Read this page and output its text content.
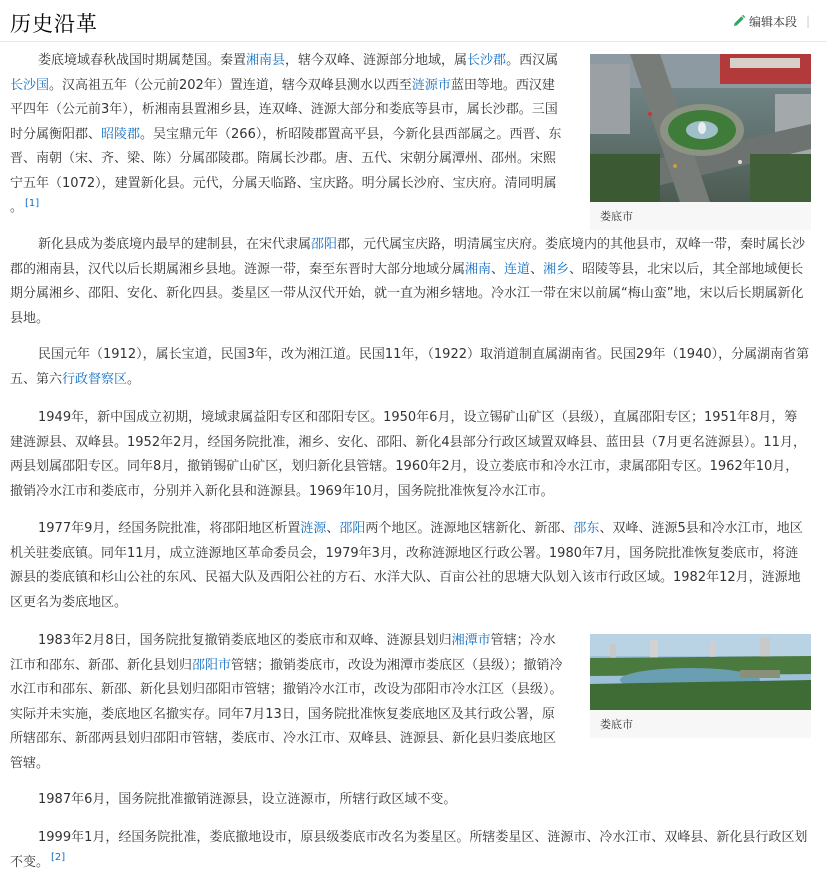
历史沿革	编辑本段 |

娄底境域春秋战国时期属楚国。秦置湘南县，辖今双峰、涟源部分地域，属长沙郡。西汉属长沙国。汉高祖五年（公元前202年）置连道，辖今双峰县测水以西至涟源市蓝田等地。西汉建平四年（公元前3年），析湘南县置湘乡县，连双峰、涟源大部分和娄底等县市，属长沙郡。三国时分属衡阳郡、昭陵郡。吴宝鼎元年（266），析昭陵郡置高平县，今新化县西部属之。西晋、东晋、南朝（宋、齐、梁、陈）分属邵陵郡。隋属长沙郡。唐、五代、宋朝分属潭州、邵州。宋熙宁五年（1072），建置新化县。元代，分属天临路、宝庆路。明分属长沙府、宝庆府。清同明属 。 [1]

娄底市

新化县成为娄底境内最早的建制县，在宋代隶属邵阳郡，元代属宝庆路，明清属宝庆府。娄底境内的其他县市，双峰一带，秦时属长沙郡的湘南县，汉代以后长期属湘乡县地。涟源一带，秦至东晋时大部分地域分属湘南、连道、湘乡、昭陵等县，北宋以后，其全部地域便长期分属湘乡、邵阳、安化、新化四县。娄星区一带从汉代开始，就一直为湘乡辖地。冷水江一带在宋以前属“梅山蛮”地，宋以后长期属新化县地。

民国元年（1912），属长宝道，民国3年，改为湘江道。民国11年，（1922）取消道制直属湖南省。民国29年（1940），分属湖南省第五、第六行政督察区。

1949年，新中国成立初期，境域隶属益阳专区和邵阳专区。1950年6月，设立锡矿山矿区（县级），直属邵阳专区；1951年8月，筹建涟源县、双峰县。1952年2月，经国务院批准，湘乡、安化、邵阳、新化4县部分行政区域置双峰县、蓝田县（7月更名涟源县）。11月，两县划属邵阳专区。同年8月，撤销锡矿山矿区，划归新化县管辖。1960年2月，设立娄底市和冷水江市，隶属邵阳专区。1962年10月，撤销冷水江市和娄底市，分别并入新化县和涟源县。1969年10月，国务院批准恢复冷水江市。

1977年9月，经国务院批准，将邵阳地区析置涟源、邵阳两个地区。涟源地区辖新化、新邵、邵东、双峰、涟源5县和冷水江市，地区机关驻娄底镇。同年11月，成立涟源地区革命委员会，1979年3月，改称涟源地区行政公署。1980年7月，国务院批准恢复娄底市，将涟源县的娄底镇和杉山公社的东风、民福大队及西阳公社的方石、水洋大队、百亩公社的思塘大队划入该市行政区域。1982年12月，涟源地区更名为娄底地区。

1983年2月8日，国务院批复撤销娄底地区的娄底市和双峰、涟源县划归湘潭市管辖；冷水江市和邵东、新邵、新化县划归邵阳市管辖；撤销娄底市，改设为湘潭市娄底区（县级）；撤销冷水江市和邵东、新邵、新化县划归邵阳市管辖；撤销冷水江市，改设为邵阳市冷水江区（县级）。实际并未实施，娄底地区名撤实存。同年7月13日，国务院批准恢复娄底地区及其行政公署，原所辖邵东、新邵两县划归邵阳市管辖，娄底市、冷水江市、双峰县、涟源县、新化县归娄底地区管辖。

娄底市

1987年6月，国务院批准撤销涟源县，设立涟源市，所辖行政区域不变。

1999年1月，经国务院批准，娄底撤地设市，原县级娄底市改名为娄星区。所辖娄星区、涟源市、冷水江市、双峰县、新化县行政区划不变。 [2]
